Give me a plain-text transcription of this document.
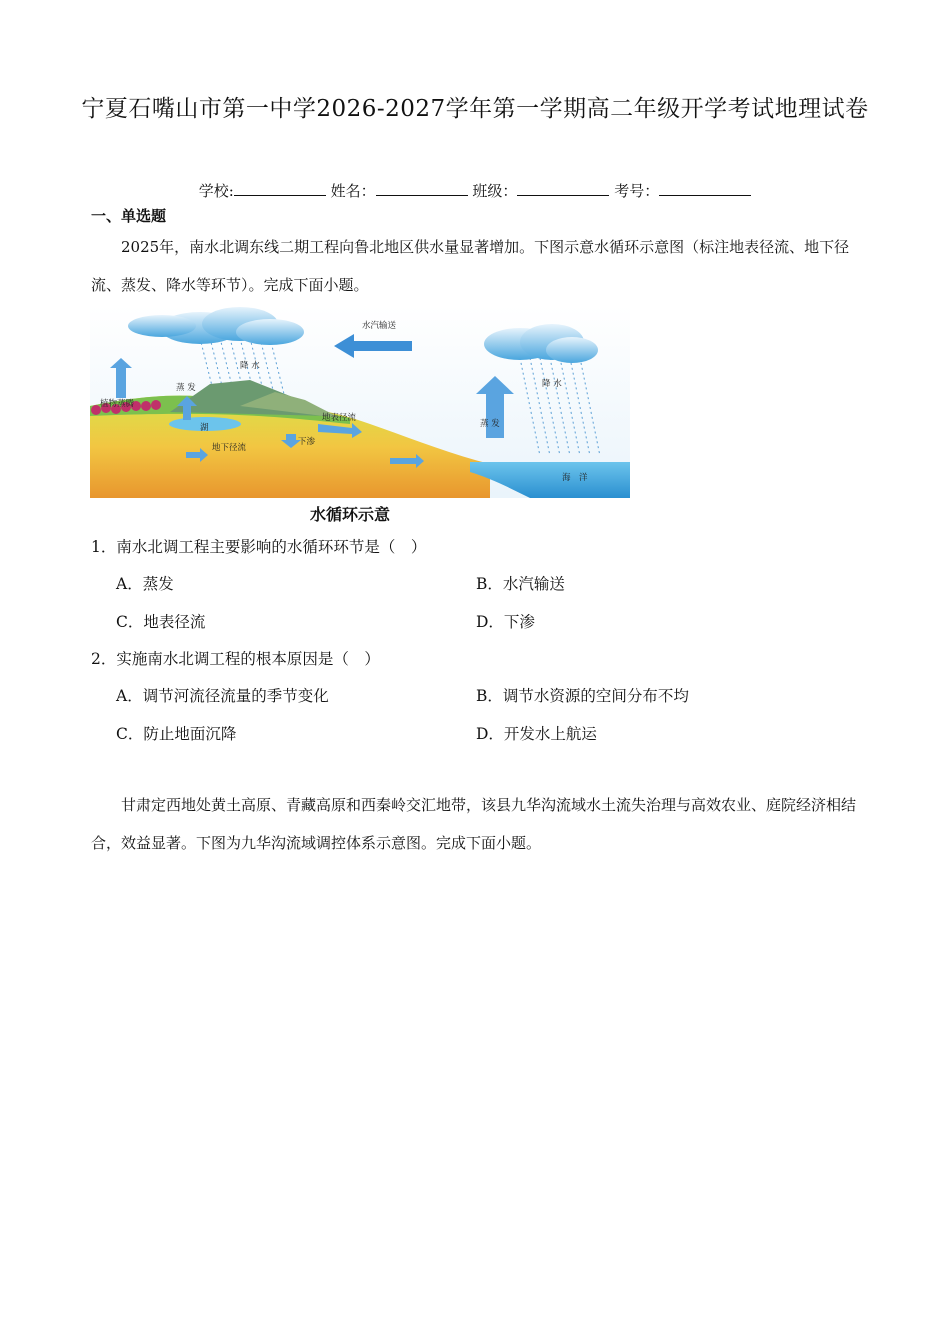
宁夏石嘴山市第一中学2026-2027学年第一学期高二年级开学考试地理试卷
学校:	姓名：	班级：	考号：
一、单选题
2025年，南水北调东线二期工程向鲁北地区供水量显著增加。下图示意水循环示意图（标注地表径流、地下径流、蒸发、降水等环节）。完成下面小题。
水汽输送
降 水
降 水
植物蒸腾
蒸 发
蒸 发
湖
地表径流
地下径流
下渗
海　洋
水循环示意
1．南水北调工程主要影响的水循环环节是（　）
A．蒸发	B．水汽输送
C．地表径流	D．下渗
2．实施南水北调工程的根本原因是（　）
A．调节河流径流量的季节变化	B．调节水资源的空间分布不均
C．防止地面沉降	D．开发水上航运
甘肃定西地处黄土高原、青藏高原和西秦岭交汇地带，该县九华沟流域水土流失治理与高效农业、庭院经济相结合，效益显著。下图为九华沟流域调控体系示意图。完成下面小题。
